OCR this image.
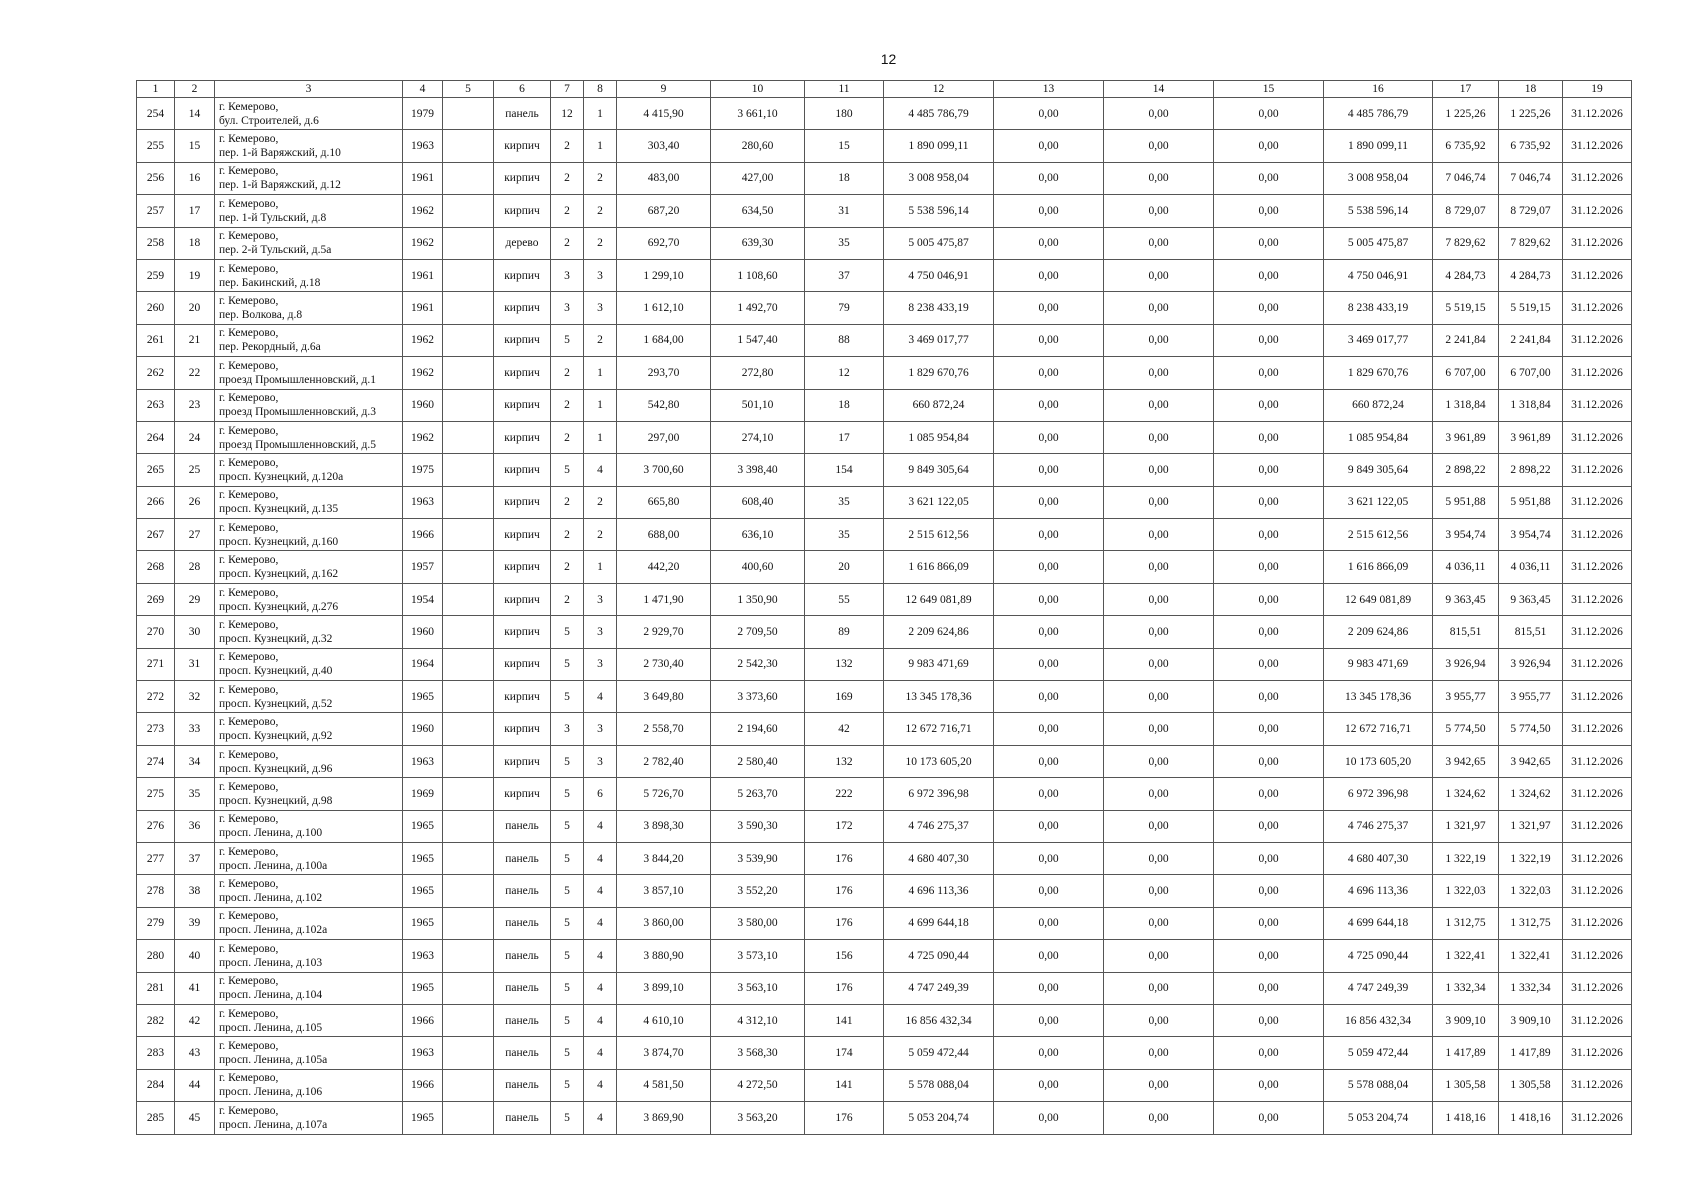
12
1	2	3	4	5	6	7	8	9	10	11	12	13	14	15	16	17	18	19
254	14	г. Кемерово,
бул. Строителей, д.6	1979		панель	12	1	4 415,90	3 661,10	180	4 485 786,79	0,00	0,00	0,00	4 485 786,79	1 225,26	1 225,26	31.12.2026
255	15	г. Кемерово,
пер. 1-й Варяжский, д.10	1963		кирпич	2	1	303,40	280,60	15	1 890 099,11	0,00	0,00	0,00	1 890 099,11	6 735,92	6 735,92	31.12.2026
256	16	г. Кемерово,
пер. 1-й Варяжский, д.12	1961		кирпич	2	2	483,00	427,00	18	3 008 958,04	0,00	0,00	0,00	3 008 958,04	7 046,74	7 046,74	31.12.2026
257	17	г. Кемерово,
пер. 1-й Тульский, д.8	1962		кирпич	2	2	687,20	634,50	31	5 538 596,14	0,00	0,00	0,00	5 538 596,14	8 729,07	8 729,07	31.12.2026
258	18	г. Кемерово,
пер. 2-й Тульский, д.5а	1962		дерево	2	2	692,70	639,30	35	5 005 475,87	0,00	0,00	0,00	5 005 475,87	7 829,62	7 829,62	31.12.2026
259	19	г. Кемерово,
пер. Бакинский, д.18	1961		кирпич	3	3	1 299,10	1 108,60	37	4 750 046,91	0,00	0,00	0,00	4 750 046,91	4 284,73	4 284,73	31.12.2026
260	20	г. Кемерово,
пер. Волкова, д.8	1961		кирпич	3	3	1 612,10	1 492,70	79	8 238 433,19	0,00	0,00	0,00	8 238 433,19	5 519,15	5 519,15	31.12.2026
261	21	г. Кемерово,
пер. Рекордный, д.6а	1962		кирпич	5	2	1 684,00	1 547,40	88	3 469 017,77	0,00	0,00	0,00	3 469 017,77	2 241,84	2 241,84	31.12.2026
262	22	г. Кемерово,
проезд Промышленновский, д.1	1962		кирпич	2	1	293,70	272,80	12	1 829 670,76	0,00	0,00	0,00	1 829 670,76	6 707,00	6 707,00	31.12.2026
263	23	г. Кемерово,
проезд Промышленновский, д.3	1960		кирпич	2	1	542,80	501,10	18	660 872,24	0,00	0,00	0,00	660 872,24	1 318,84	1 318,84	31.12.2026
264	24	г. Кемерово,
проезд Промышленновский, д.5	1962		кирпич	2	1	297,00	274,10	17	1 085 954,84	0,00	0,00	0,00	1 085 954,84	3 961,89	3 961,89	31.12.2026
265	25	г. Кемерово,
просп. Кузнецкий, д.120а	1975		кирпич	5	4	3 700,60	3 398,40	154	9 849 305,64	0,00	0,00	0,00	9 849 305,64	2 898,22	2 898,22	31.12.2026
266	26	г. Кемерово,
просп. Кузнецкий, д.135	1963		кирпич	2	2	665,80	608,40	35	3 621 122,05	0,00	0,00	0,00	3 621 122,05	5 951,88	5 951,88	31.12.2026
267	27	г. Кемерово,
просп. Кузнецкий, д.160	1966		кирпич	2	2	688,00	636,10	35	2 515 612,56	0,00	0,00	0,00	2 515 612,56	3 954,74	3 954,74	31.12.2026
268	28	г. Кемерово,
просп. Кузнецкий, д.162	1957		кирпич	2	1	442,20	400,60	20	1 616 866,09	0,00	0,00	0,00	1 616 866,09	4 036,11	4 036,11	31.12.2026
269	29	г. Кемерово,
просп. Кузнецкий, д.276	1954		кирпич	2	3	1 471,90	1 350,90	55	12 649 081,89	0,00	0,00	0,00	12 649 081,89	9 363,45	9 363,45	31.12.2026
270	30	г. Кемерово,
просп. Кузнецкий, д.32	1960		кирпич	5	3	2 929,70	2 709,50	89	2 209 624,86	0,00	0,00	0,00	2 209 624,86	815,51	815,51	31.12.2026
271	31	г. Кемерово,
просп. Кузнецкий, д.40	1964		кирпич	5	3	2 730,40	2 542,30	132	9 983 471,69	0,00	0,00	0,00	9 983 471,69	3 926,94	3 926,94	31.12.2026
272	32	г. Кемерово,
просп. Кузнецкий, д.52	1965		кирпич	5	4	3 649,80	3 373,60	169	13 345 178,36	0,00	0,00	0,00	13 345 178,36	3 955,77	3 955,77	31.12.2026
273	33	г. Кемерово,
просп. Кузнецкий, д.92	1960		кирпич	3	3	2 558,70	2 194,60	42	12 672 716,71	0,00	0,00	0,00	12 672 716,71	5 774,50	5 774,50	31.12.2026
274	34	г. Кемерово,
просп. Кузнецкий, д.96	1963		кирпич	5	3	2 782,40	2 580,40	132	10 173 605,20	0,00	0,00	0,00	10 173 605,20	3 942,65	3 942,65	31.12.2026
275	35	г. Кемерово,
просп. Кузнецкий, д.98	1969		кирпич	5	6	5 726,70	5 263,70	222	6 972 396,98	0,00	0,00	0,00	6 972 396,98	1 324,62	1 324,62	31.12.2026
276	36	г. Кемерово,
просп. Ленина, д.100	1965		панель	5	4	3 898,30	3 590,30	172	4 746 275,37	0,00	0,00	0,00	4 746 275,37	1 321,97	1 321,97	31.12.2026
277	37	г. Кемерово,
просп. Ленина, д.100а	1965		панель	5	4	3 844,20	3 539,90	176	4 680 407,30	0,00	0,00	0,00	4 680 407,30	1 322,19	1 322,19	31.12.2026
278	38	г. Кемерово,
просп. Ленина, д.102	1965		панель	5	4	3 857,10	3 552,20	176	4 696 113,36	0,00	0,00	0,00	4 696 113,36	1 322,03	1 322,03	31.12.2026
279	39	г. Кемерово,
просп. Ленина, д.102а	1965		панель	5	4	3 860,00	3 580,00	176	4 699 644,18	0,00	0,00	0,00	4 699 644,18	1 312,75	1 312,75	31.12.2026
280	40	г. Кемерово,
просп. Ленина, д.103	1963		панель	5	4	3 880,90	3 573,10	156	4 725 090,44	0,00	0,00	0,00	4 725 090,44	1 322,41	1 322,41	31.12.2026
281	41	г. Кемерово,
просп. Ленина, д.104	1965		панель	5	4	3 899,10	3 563,10	176	4 747 249,39	0,00	0,00	0,00	4 747 249,39	1 332,34	1 332,34	31.12.2026
282	42	г. Кемерово,
просп. Ленина, д.105	1966		панель	5	4	4 610,10	4 312,10	141	16 856 432,34	0,00	0,00	0,00	16 856 432,34	3 909,10	3 909,10	31.12.2026
283	43	г. Кемерово,
просп. Ленина, д.105а	1963		панель	5	4	3 874,70	3 568,30	174	5 059 472,44	0,00	0,00	0,00	5 059 472,44	1 417,89	1 417,89	31.12.2026
284	44	г. Кемерово,
просп. Ленина, д.106	1966		панель	5	4	4 581,50	4 272,50	141	5 578 088,04	0,00	0,00	0,00	5 578 088,04	1 305,58	1 305,58	31.12.2026
285	45	г. Кемерово,
просп. Ленина, д.107а	1965		панель	5	4	3 869,90	3 563,20	176	5 053 204,74	0,00	0,00	0,00	5 053 204,74	1 418,16	1 418,16	31.12.2026
